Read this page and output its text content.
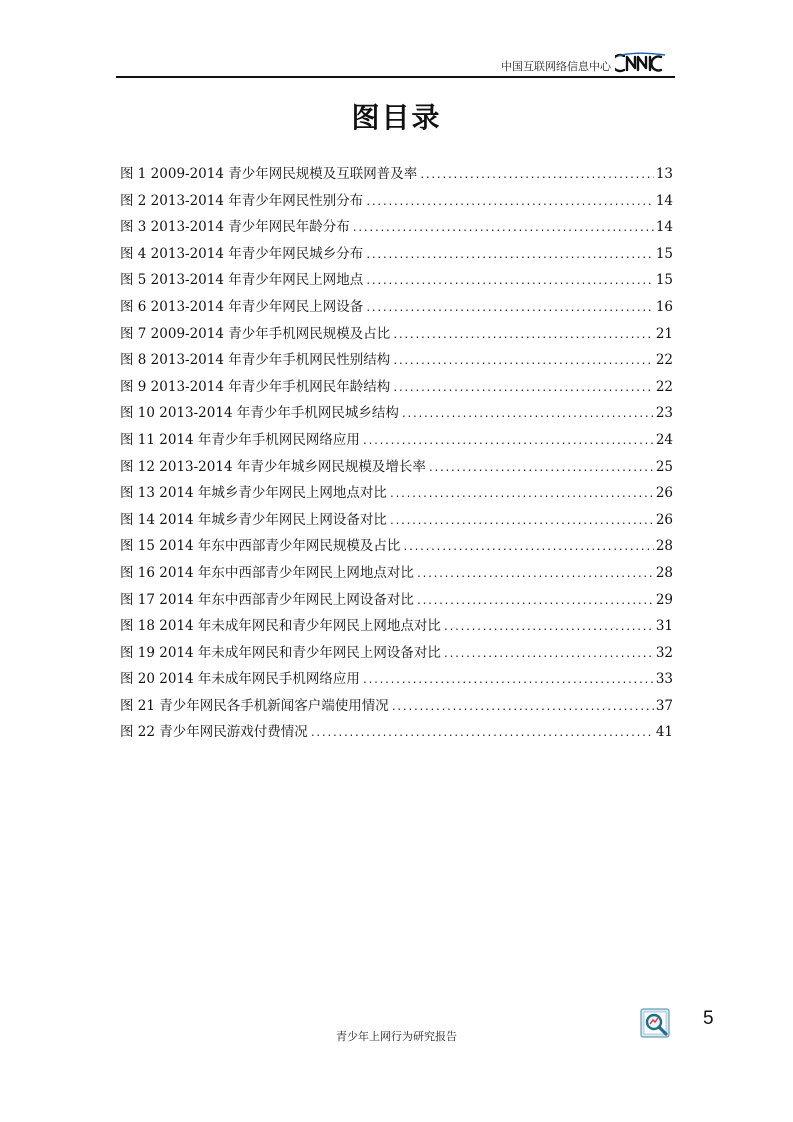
中国互联网络信息中心
图目录
图 1 2009-2014 青少年网民规模及互联网普及率 .....	13
图 2 2013-2014 年青少年网民性别分布 .....	14
图 3 2013-2014 青少年网民年龄分布 .....	14
图 4 2013-2014 年青少年网民城乡分布 .....	15
图 5 2013-2014 年青少年网民上网地点 .....	15
图 6 2013-2014 年青少年网民上网设备 .....	16
图 7 2009-2014 青少年手机网民规模及占比 .....	21
图 8 2013-2014 年青少年手机网民性别结构 .....	22
图 9 2013-2014 年青少年手机网民年龄结构 .....	22
图 10 2013-2014 年青少年手机网民城乡结构 .....	23
图 11 2014 年青少年手机网民网络应用 .....	24
图 12 2013-2014 年青少年城乡网民规模及增长率 .....	25
图 13 2014 年城乡青少年网民上网地点对比 .....	26
图 14 2014 年城乡青少年网民上网设备对比 .....	26
图 15 2014 年东中西部青少年网民规模及占比 .....	28
图 16 2014 年东中西部青少年网民上网地点对比 .....	28
图 17 2014 年东中西部青少年网民上网设备对比 .....	29
图 18 2014 年未成年网民和青少年网民上网地点对比 .....	31
图 19 2014 年未成年网民和青少年网民上网设备对比 .....	32
图 20 2014 年未成年网民手机网络应用 .....	33
图 21 青少年网民各手机新闻客户端使用情况 .....	37
图 22 青少年网民游戏付费情况 .....	41
青少年上网行为研究报告
5
